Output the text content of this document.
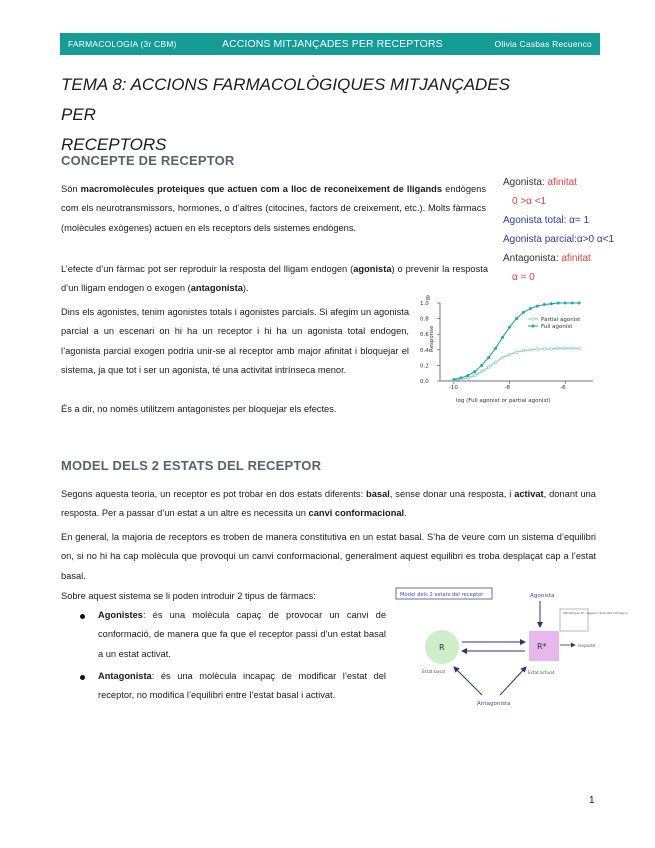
FARMACOLOGIA (3r CBM)	ACCIONS MITJANÇADES PER RECEPTORS	Olivia Casbas Recuenco
TEMA 8: ACCIONS FARMACOLÒGIQUES MITJANÇADES PER
RECEPTORS
CONCEPTE DE RECEPTOR
Són macromolècules proteiques que actuen com a lloc de reconeixement de lligands endògens com els neurotransmissors, hormones, o d’altres (citocines, factors de creixement, etc.). Molts fàrmacs (molècules exògenes) actuen en els receptors dels sistemes endògens.
L’efecte d’un fàrmac pot ser reproduir la resposta del lligam endogen (agonista) o prevenir la resposta d’un lligam endogen o exogen (antagonista).
Dins els agonistes, tenim agonistes totals i agonistes parcials. Si afegim un agonista parcial a un escenari on hi ha un receptor i hi ha un agonista total endogen, l’agonista parcial exogen podria unir-se al receptor amb major afinitat i bloquejar el sistema, ja que tot i ser un agonista, té una activitat intrínseca menor.
És a dir, no només utilitzem antagonistes per bloquejar els efectes.
Agonista: afinitat
0 >α <1
Agonista total: α= 1
Agonista parcial:α>0 α<1
Antagonista: afinitat
α = 0
B
0.0
0.2
0.4
0.6
0.8
1.0
-10	-8	-6
Response
log (Full agonist or partial agonist)
Partial agonist
Full agonist
MODEL DELS 2 ESTATS DEL RECEPTOR
Segons aquesta teoria, un receptor es pot trobar en dos estats diferents: basal, sense donar una resposta, i activat, donant una resposta. Per a passar d’un estat a un altre es necessita un canvi conformacional.
En general, la majoria de receptors es troben de manera constitutiva en un estat basal. S’ha de veure com un sistema d’equilibri on, si no hi ha cap molècula que provoqui un canvi conformacional, generalment aquest equilibri es troba desplaçat cap a l’estat basal.
Sobre aquest sistema se li poden introduir 2 tipus de fàrmacs:
Agonistes: és una molècula capaç de provocar un canvi de conformació, de manera que fa que el receptor passi d’un estat basal a un estat activat.
Antagonista: és una molècula incapaç de modificar l’estat del receptor, no modifica l’equilibri entre l’estat basal i activat.
Model dels 2 estats del receptor	Agonista
Afinitat per R*, segons l’activitat intrínseca
R	R*	resposta
Estat basal	Estat activat
Antagonista
1
